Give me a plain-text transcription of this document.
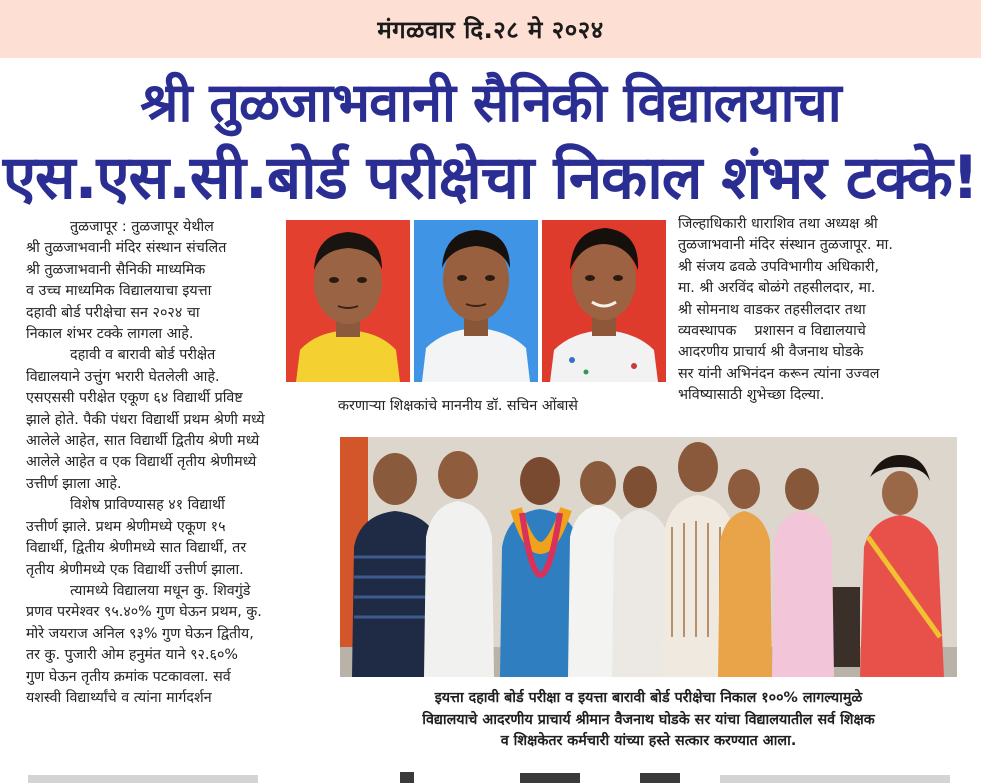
मंगळवार दि.२८ मे २०२४
श्री तुळजाभवानी सैनिकी विद्यालयाचा
एस.एस.सी.बोर्ड परीक्षेचा निकाल शंभर टक्के!

तुळजापूर : तुळजापूर येथील

श्री तुळजाभवानी मंदिर संस्थान संचलित

श्री तुळजाभवानी सैनिकी माध्यमिक

व उच्च माध्यमिक विद्यालयाचा इयत्ता

दहावी बोर्ड परीक्षेचा सन २०२४ चा

निकाल शंभर टक्के लागला आहे.

दहावी व बारावी बोर्ड परीक्षेत

विद्यालयाने उत्तुंग भरारी घेतलेली आहे.

एसएससी परीक्षेत एकूण ६४ विद्यार्थी प्रविष्ट

झाले होते. पैकी पंधरा विद्यार्थी प्रथम श्रेणी मध्ये

आलेले आहेत, सात विद्यार्थी द्वितीय श्रेणी मध्ये

आलेले आहेत व एक विद्यार्थी तृतीय श्रेणीमध्ये

उत्तीर्ण झाला आहे.

विशेष प्राविण्यासह ४१ विद्यार्थी

उत्तीर्ण झाले. प्रथम श्रेणीमध्ये एकूण १५

विद्यार्थी, द्वितीय श्रेणीमध्ये सात विद्यार्थी, तर

तृतीय श्रेणीमध्ये एक विद्यार्थी उत्तीर्ण झाला.

त्यामध्ये विद्यालया मधून कु. शिवगुंडे

प्रणव परमेश्वर ९५.४०% गुण घेऊन प्रथम, कु.

मोरे जयराज अनिल ९३% गुण घेऊन द्वितीय,

तर कु. पुजारी ओम हनुमंत याने ९२.६०%

गुण घेऊन तृतीय क्रमांक पटकावला. सर्व

यशस्वी विद्यार्थ्यांचे व त्यांना मार्गदर्शन

करणाऱ्या शिक्षकांचे माननीय डॉ. सचिन ओंबासे

जिल्हाधिकारी धाराशिव तथा अध्यक्ष श्री

तुळजाभवानी मंदिर संस्थान तुळजापूर. मा.

श्री संजय ढवळे उपविभागीय अधिकारी,

मा. श्री अरविंद बोळंगे तहसीलदार, मा.

श्री सोमनाथ वाडकर तहसीलदार तथा

व्यवस्थापक    प्रशासन व विद्यालयाचे

आदरणीय प्राचार्य श्री वैजनाथ घोडके

सर यांनी अभिनंदन करून त्यांना उज्वल

भविष्यासाठी शुभेच्छा दिल्या.

इयत्ता दहावी बोर्ड परीक्षा व इयत्ता बारावी बोर्ड परीक्षेचा निकाल १००% लागल्यामुळे
विद्यालयाचे आदरणीय प्राचार्य श्रीमान वैजनाथ घोडके सर यांचा विद्यालयातील सर्व शिक्षक
व शिक्षकेतर कर्मचारी यांच्या हस्ते सत्कार करण्यात आला.
